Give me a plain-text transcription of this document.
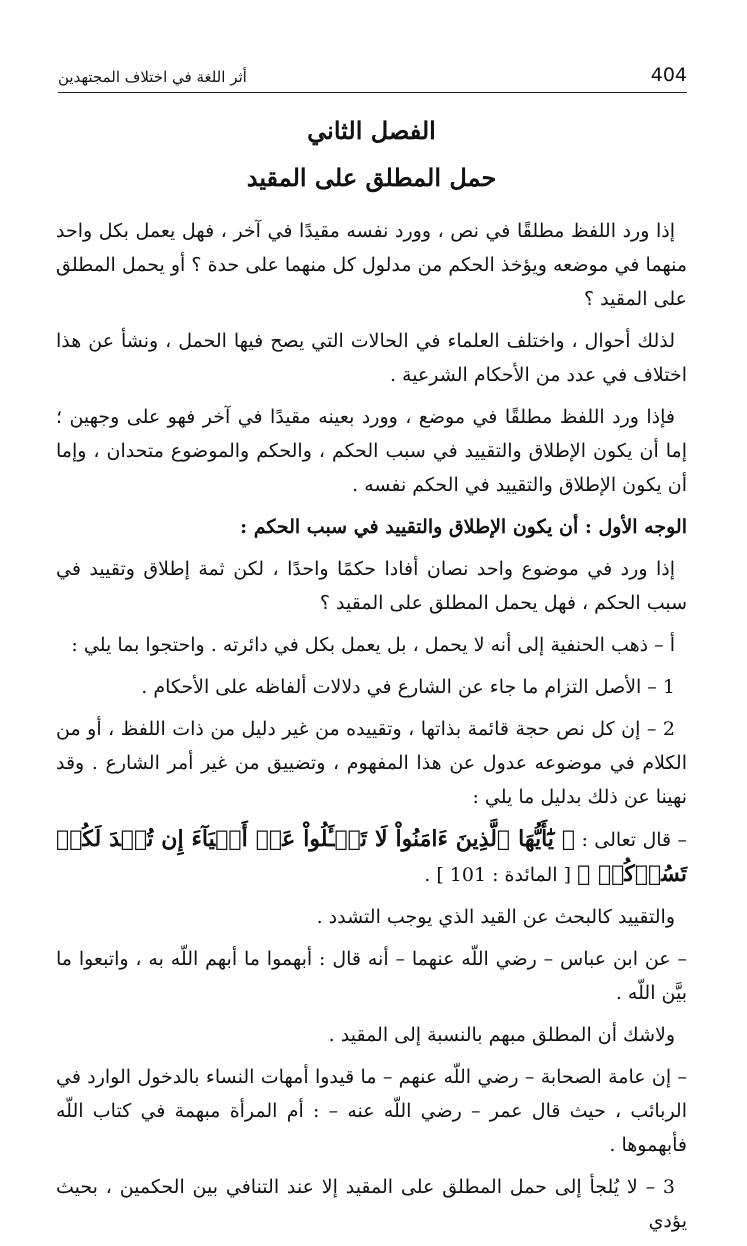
404
أثر اللغة في اختلاف المجتهدين
الفصل الثاني
حمل المطلق على المقيد

إذا ورد اللفظ مطلقًا في نص ، وورد نفسه مقيدًا في آخر ، فهل يعمل بكل واحد منهما في موضعه ويؤخذ الحكم من مدلول كل منهما على حدة ؟ أو يحمل المطلق على المقيد ؟

لذلك أحوال ، واختلف العلماء في الحالات التي يصح فيها الحمل ، ونشأ عن هذا اختلاف في عدد من الأحكام الشرعية .

فإذا ورد اللفظ مطلقًا في موضع ، وورد بعينه مقيدًا في آخر فهو على وجهين ؛ إما أن يكون الإطلاق والتقييد في سبب الحكم ، والحكم والموضوع متحدان ، وإما أن يكون الإطلاق والتقييد في الحكم نفسه .

الوجه الأول : أن يكون الإطلاق والتقييد في سبب الحكم :

إذا ورد في موضوع واحد نصان أفادا حكمًا واحدًا ، لكن ثمة إطلاق وتقييد في سبب الحكم ، فهل يحمل المطلق على المقيد ؟

أ – ذهب الحنفية إلى أنه لا يحمل ، بل يعمل بكل في دائرته . واحتجوا بما يلي :

1 – الأصل التزام ما جاء عن الشارع في دلالات ألفاظه على الأحكام .

2 – إن كل نص حجة قائمة بذاتها ، وتقييده من غير دليل من ذات اللفظ ، أو من الكلام في موضوعه عدول عن هذا المفهوم ، وتضييق من غير أمر الشارع . وقد نهينا عن ذلك بدليل ما يلي :

– قال تعالى : ﴿ يَٰٓأَيُّهَا ٱلَّذِينَ ءَامَنُواْ لَا تَسۡـَٔلُواْ عَنۡ أَشۡيَآءَ إِن تُبۡدَ لَكُمۡ تَسُؤۡكُمۡ ﴾ [ المائدة : 101 ] .

والتقييد كالبحث عن القيد الذي يوجب التشدد .

– عن ابن عباس – رضي اللّه عنهما – أنه قال : أبهموا ما أبهم اللّه به ، واتبعوا ما بيَّن اللّه .

ولاشك أن المطلق مبهم بالنسبة إلى المقيد .

– إن عامة الصحابة – رضي اللّه عنهم – ما قيدوا أمهات النساء بالدخول الوارد في الربائب ، حيث قال عمر – رضي اللّه عنه – : أم المرأة مبهمة في كتاب اللّه فأبهموها .

3 – لا يُلجأ إلى حمل المطلق على المقيد إلا عند التنافي بين الحكمين ، بحيث يؤدي
